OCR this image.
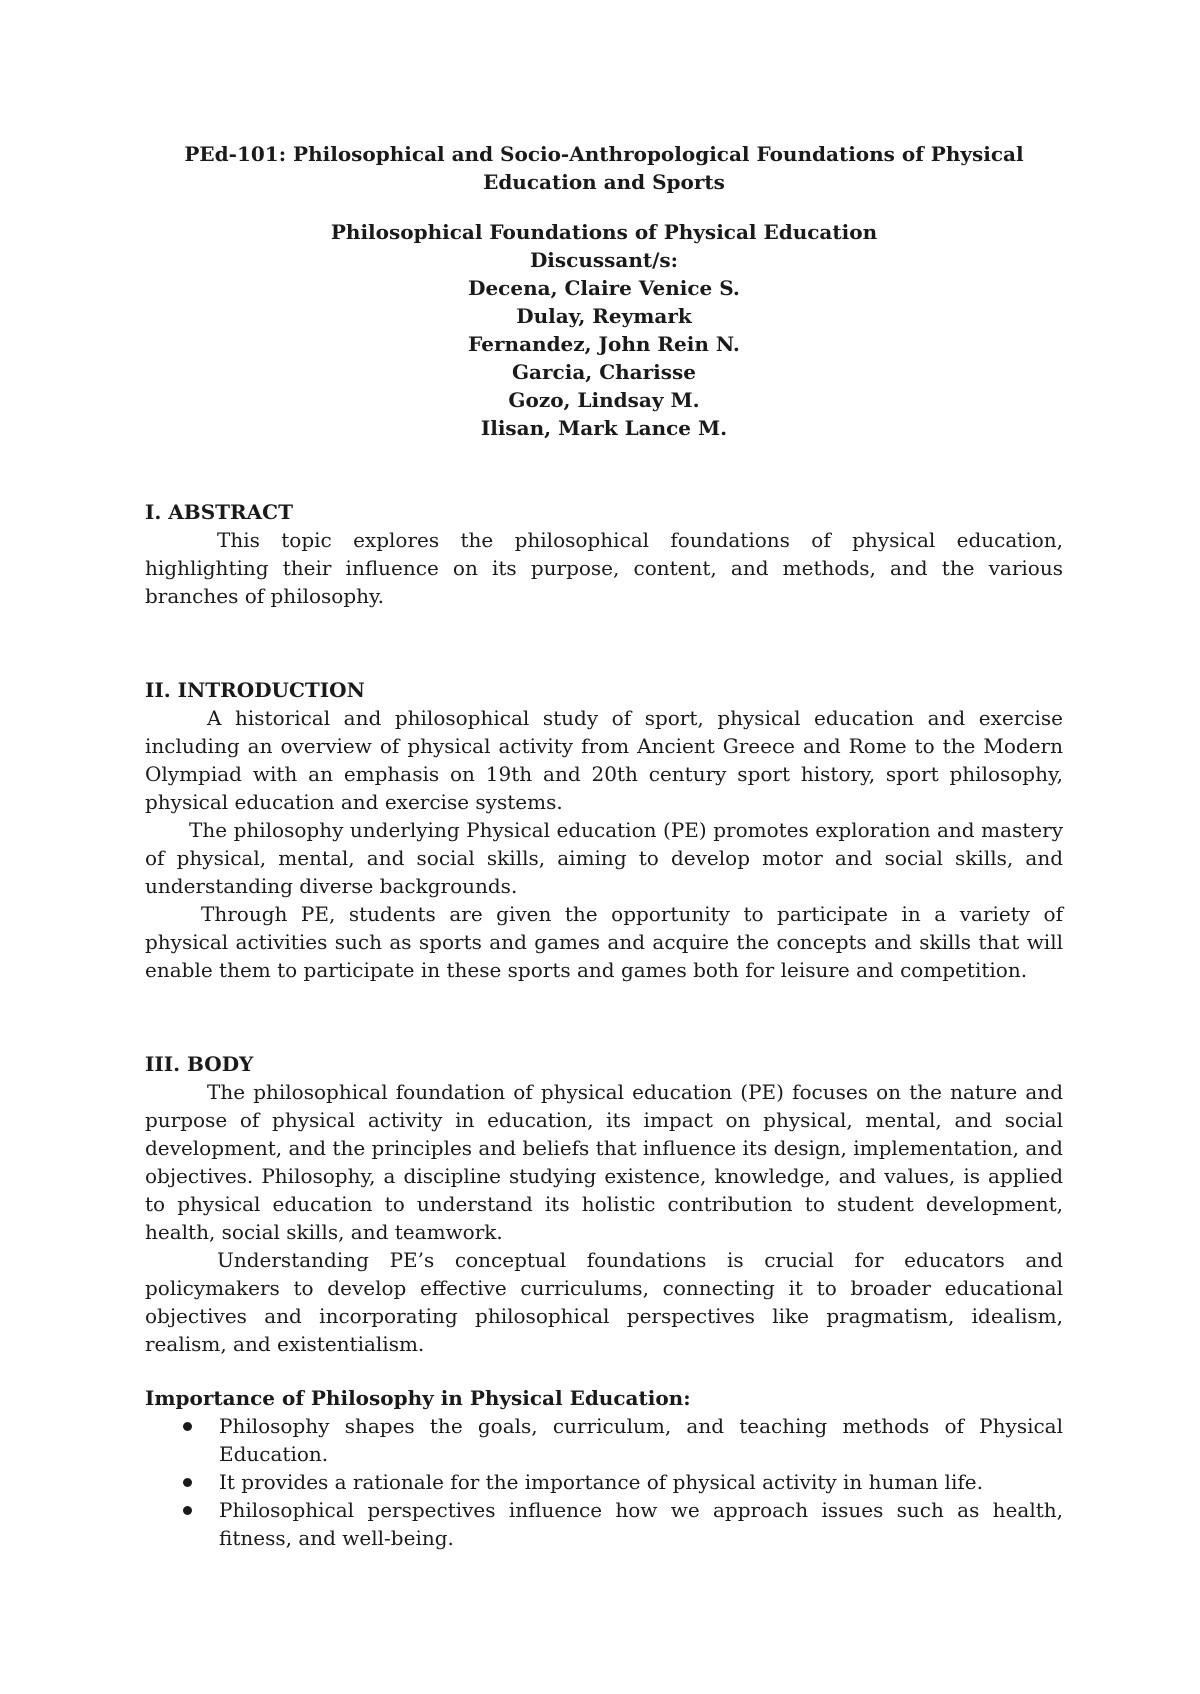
PEd-101: Philosophical and Socio-Anthropological Foundations of Physical Education and Sports
Philosophical Foundations of Physical Education
Discussant/s:
Decena, Claire Venice S.
Dulay, Reymark
Fernandez, John Rein N.
Garcia, Charisse
Gozo, Lindsay M.
Ilisan, Mark Lance M.
I. ABSTRACT

This topic explores the philosophical foundations of physical education, highlighting their influence on its purpose, content, and methods, and the various branches of philosophy.

II. INTRODUCTION

A historical and philosophical study of sport, physical education and exercise including an overview of physical activity from Ancient Greece and Rome to the Modern Olympiad with an emphasis on 19th and 20th century sport history, sport philosophy, physical education and exercise systems.

The philosophy underlying Physical education (PE) promotes exploration and mastery of physical, mental, and social skills, aiming to develop motor and social skills, and understanding diverse backgrounds.

Through PE, students are given the opportunity to participate in a variety of physical activities such as sports and games and acquire the concepts and skills that will enable them to participate in these sports and games both for leisure and competition.

III. BODY

The philosophical foundation of physical education (PE) focuses on the nature and purpose of physical activity in education, its impact on physical, mental, and social development, and the principles and beliefs that influence its design, implementation, and objectives. Philosophy, a discipline studying existence, knowledge, and values, is applied to physical education to understand its holistic contribution to student development, health, social skills, and teamwork.

Understanding PE’s conceptual foundations is crucial for educators and policymakers to develop effective curriculums, connecting it to broader educational objectives and incorporating philosophical perspectives like pragmatism, idealism, realism, and existentialism.

Importance of Philosophy in Physical Education:
Philosophy shapes the goals, curriculum, and teaching methods of Physical Education.
It provides a rationale for the importance of physical activity in human life.
Philosophical perspectives influence how we approach issues such as health, fitness, and well-being.
